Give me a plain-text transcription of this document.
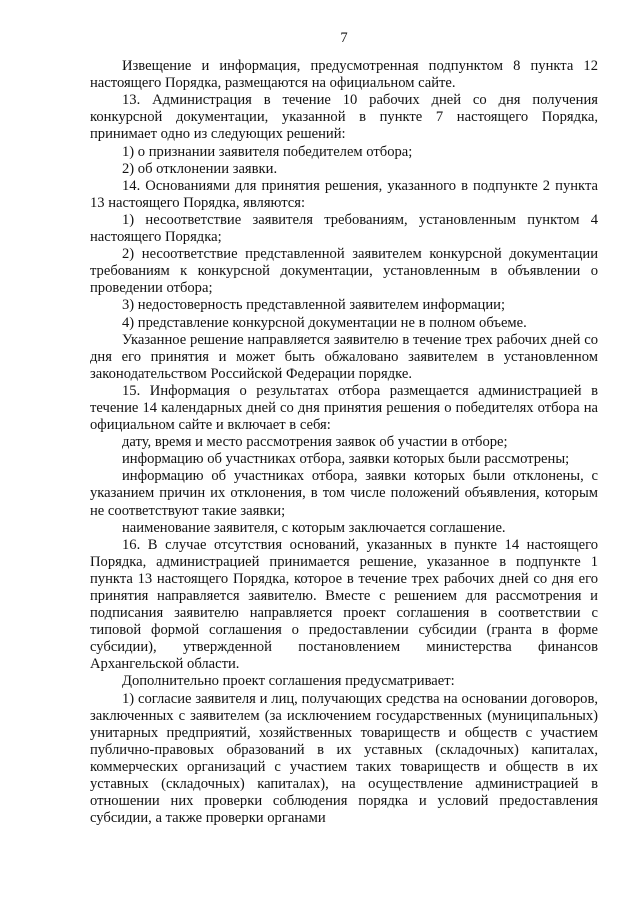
7

Извещение и информация, предусмотренная подпунктом 8 пункта 12 настоящего Порядка, размещаются на официальном сайте.

13. Администрация в течение 10 рабочих дней со дня получения конкурсной документации, указанной в пункте 7 настоящего Порядка, принимает одно из следующих решений:

1) о признании заявителя победителем отбора;

2) об отклонении заявки.

14. Основаниями для принятия решения, указанного в подпункте 2 пункта 13 настоящего Порядка, являются:

1) несоответствие заявителя требованиям, установленным пунктом 4 настоящего Порядка;

2) несоответствие представленной заявителем конкурсной документации требованиям к конкурсной документации, установленным в объявлении о проведении отбора;

3) недостоверность представленной заявителем информации;

4) представление конкурсной документации не в полном объеме.

Указанное решение направляется заявителю в течение трех рабочих дней со дня его принятия и может быть обжаловано заявителем в установленном законодательством Российской Федерации порядке.

15. Информация о результатах отбора размещается администрацией в течение 14 календарных дней со дня принятия решения о победителях отбора на официальном сайте и включает в себя:

дату, время и место рассмотрения заявок об участии в отборе;

информацию об участниках отбора, заявки которых были рассмотрены;

информацию об участниках отбора, заявки которых были отклонены, с указанием причин их отклонения, в том числе положений объявления, которым не соответствуют такие заявки;

наименование заявителя, с которым заключается соглашение.

16. В случае отсутствия оснований, указанных в пункте 14 настоящего Порядка, администрацией принимается решение, указанное в подпункте 1 пункта 13 настоящего Порядка, которое в течение трех рабочих дней со дня его принятия направляется заявителю. Вместе с решением для рассмотрения и подписания заявителю направляется проект соглашения в соответствии с типовой формой соглашения о предоставлении субсидии (гранта в форме субсидии), утвержденной постановлением министерства финансов Архангельской области.

Дополнительно проект соглашения предусматривает:

1) согласие заявителя и лиц, получающих средства на основании договоров, заключенных с заявителем (за исключением государственных (муниципальных) унитарных предприятий, хозяйственных товариществ и обществ с участием публично-правовых образований в их уставных (складочных) капиталах, коммерческих организаций с участием таких товариществ и обществ в их уставных (складочных) капиталах), на осуществление администрацией в отношении них проверки соблюдения порядка и условий предоставления субсидии, а также проверки органами
